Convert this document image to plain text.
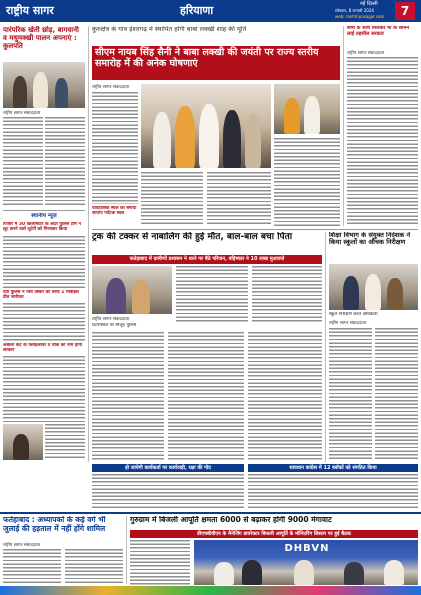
राष्ट्रीय सागर	हरियाणा	नई दिल्ली
सोमवार, 8 जनवरी 2024
web: rashtriyasagar.com	7
पारंपरिक खेती छोड़, बागवानी व मधुमक्खी पालन अपनाएं : कुलपति
राष्ट्रीय सागर संवाददाता
स्थानीय न्यूज़
पिंजौर में 30 किलोमीटर के अंदर पुलिस टीम ने लूट करने वाले लुटेरों को गिरफ्तार किया
देवी पुलिस ने नशा तस्कर का लिया 1 मोबाइल प्रीत जारीकर
अंबाला कैंट के फ्लाईओवर व चौक का नाम होगा सरकार
कुरुक्षेत्र के गांव ईशरगढ़ में स्थापित होगी बाबा लक्खी शाह की मूर्ति
सीएम नायब सिंह सैनी ने बाबा लक्खी की जयंती पर राज्य स्तरीय समारोह में की अनेक घोषणाएं
राष्ट्रीय सागर संवाददाता
ऐतिहासिक स्थल को बनाया जाएगा पर्यटक स्थल
बच्चे के साथ मिलकर मां के सामने लाई तहसील सरकार
राष्ट्रीय सागर संवाददाता
ट्रक की टक्कर से नाबालिग की हुई मौत, बाल-बाल बचा पिता
फतेहाबाद में ग्रामीणों प्रशासन ने धरने पर बैठे परिजन, बहिष्कार ने 10 लाख मुआवजे
राष्ट्रीय सागर संवाददाता
घटनास्थल पर मौजूद पुलिस
शिक्षा विभाग के संयुक्त निदेशक ने किया स्कूलों का औचक निरीक्षण
स्कूल निरीक्षण करते अधिकारी
राष्ट्रीय सागर संवाददाता
हो जायेगी कार्यकर्ता पर कार्यवाही, रक्षा की गोद	सावधान कांग्रेस में 12 ब्लॉकों को संगठित किया
फतेहाबाद : अध्यापकों के कई वर्ग भी जुलाई की हड़ताल में नहीं होंगे शामिल
राष्ट्रीय सागर संवाददाता
गुरुग्राम में बिजली आपूर्ति क्षमता 6000 से बढ़ाकर होगी 9000 मेगावाट
डीएचबीवीएन के मैनेजिंग डायरेक्टर बिजली आपूर्ति के मॉनिटरिंग सिस्टम पर हुई बैठक
DHBVN
